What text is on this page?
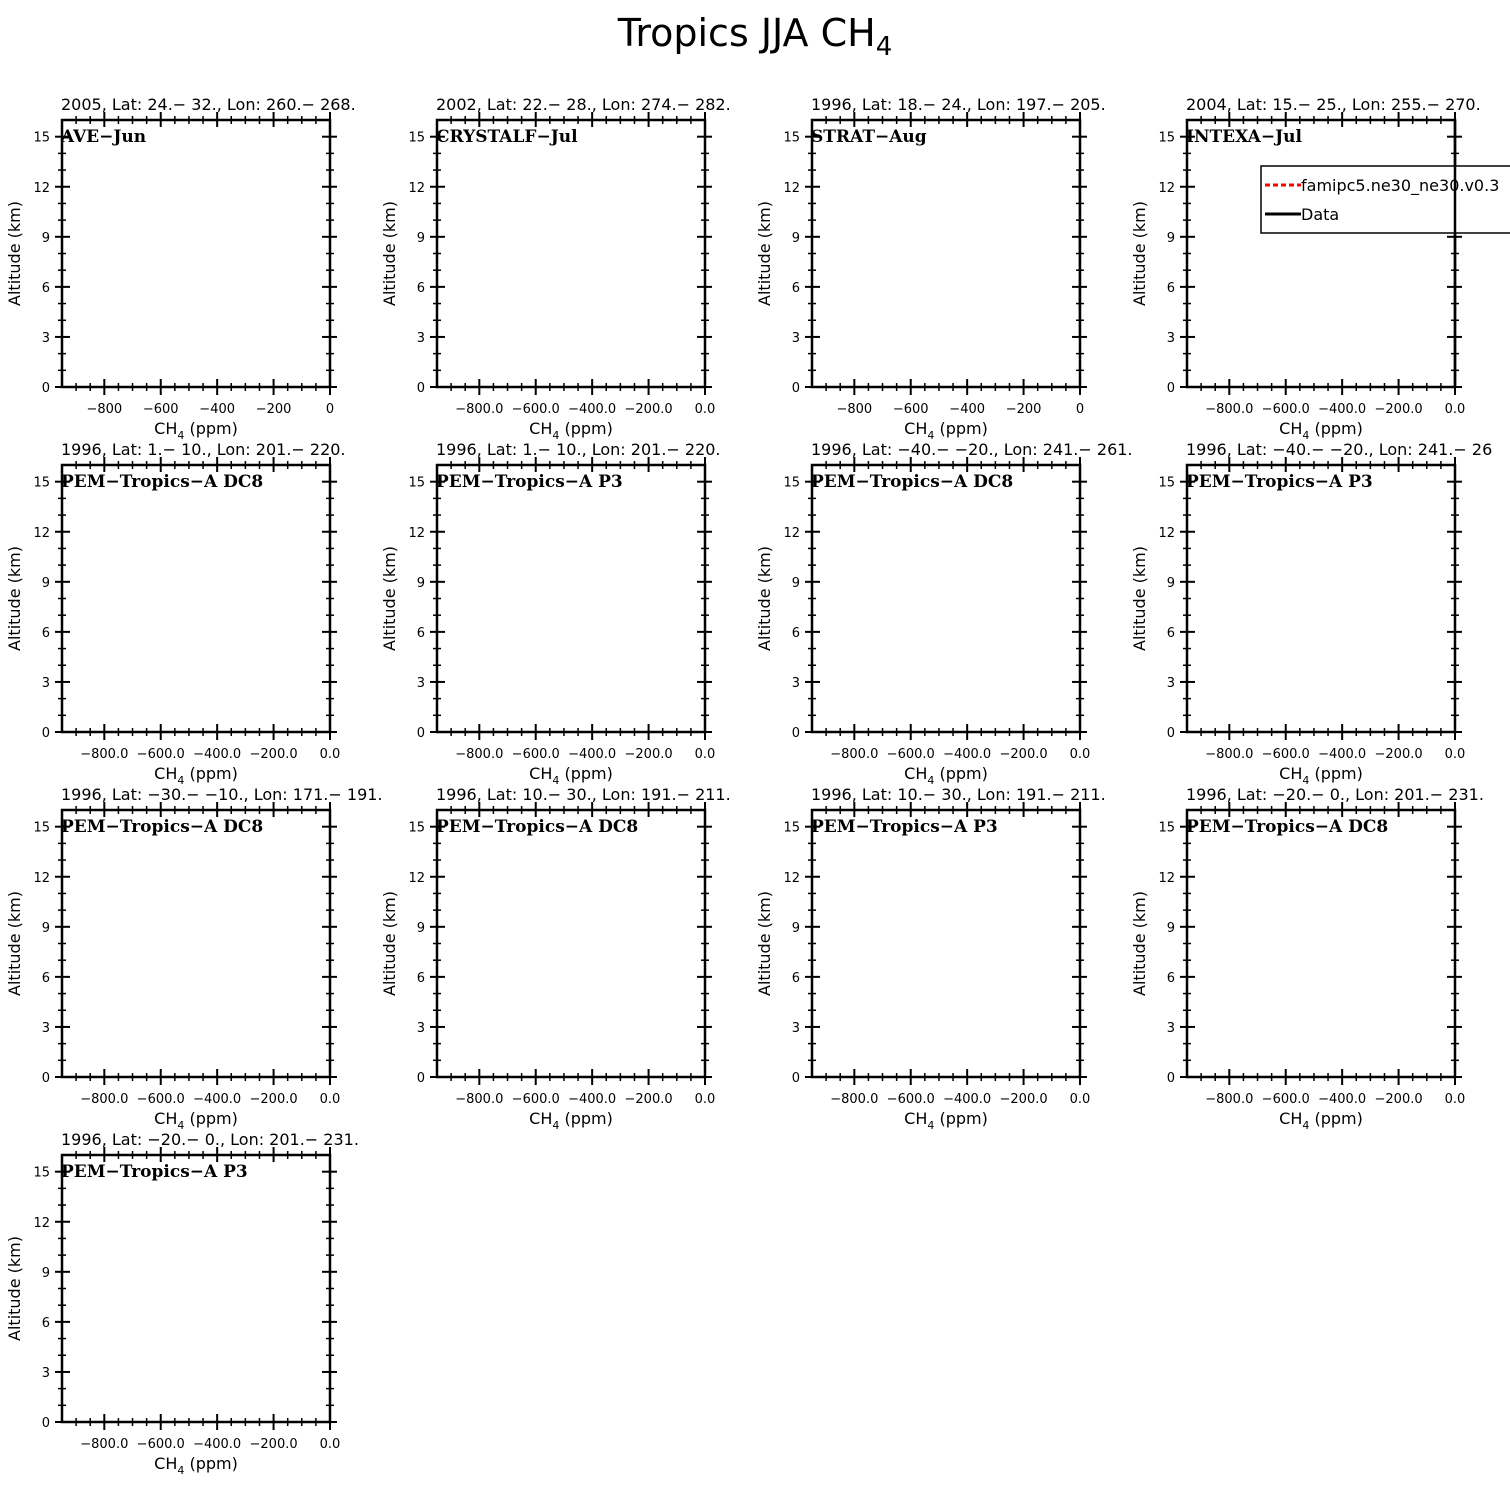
Tropics JJA $CH_4$
2005, Lat: 24.− 32., Lon: 260.− 268.
AVE−Jun
Altitude (km)
0
3
6
9
12
15
−800 −600 −400 −200	0
$CH_4$ (ppm)
2002, Lat: 22.− 28., Lon: 274.− 282.
CRYSTALF−Jul
Altitude (km)
0
3
6
9
12
15
−800.0 −600.0 −400.0 −200.0 0.0
$CH_4$ (ppm)
1996, Lat: 18.− 24., Lon: 197.− 205.
STRAT−Aug
Altitude (km)
0
3
6
9
12
15
−800 −600 −400 −200	0
$CH_4$ (ppm)
2004, Lat: 15.− 25., Lon: 255.− 270.
INTEXA−Jul
Altitude (km)
0
3
6
9
12
15
−800.0 −600.0 −400.0 −200.0 0.0
$CH_4$ (ppm)
1996, Lat: 1.− 10., Lon: 201.− 220.
PEM−Tropics−A DC8
Altitude (km)
0
3
6
9
12
15
−800.0 −600.0 −400.0 −200.0 0.0
$CH_4$ (ppm)
1996, Lat: 1.− 10., Lon: 201.− 220.
PEM−Tropics−A P3
Altitude (km)
0
3
6
9
12
15
−800.0 −600.0 −400.0 −200.0 0.0
$CH_4$ (ppm)
1996, Lat: −40.− −20., Lon: 241.− 261.
PEM−Tropics−A DC8
Altitude (km)
0
3
6
9
12
15
−800.0 −600.0 −400.0 −200.0 0.0
$CH_4$ (ppm)
1996, Lat: −40.− −20., Lon: 241.− 26
PEM−Tropics−A P3
Altitude (km)
0
3
6
9
12
15
−800.0 −600.0 −400.0 −200.0 0.0
$CH_4$ (ppm)
1996, Lat: −30.− −10., Lon: 171.− 191.
PEM−Tropics−A DC8
Altitude (km)
0
3
6
9
12
15
−800.0 −600.0 −400.0 −200.0 0.0
$CH_4$ (ppm)
1996, Lat: 10.− 30., Lon: 191.− 211.
PEM−Tropics−A DC8
Altitude (km)
0
3
6
9
12
15
−800.0 −600.0 −400.0 −200.0 0.0
$CH_4$ (ppm)
1996, Lat: 10.− 30., Lon: 191.− 211.
PEM−Tropics−A P3
Altitude (km)
0
3
6
9
12
15
−800.0 −600.0 −400.0 −200.0 0.0
$CH_4$ (ppm)
1996, Lat: −20.− 0., Lon: 201.− 231.
PEM−Tropics−A DC8
Altitude (km)
0
3
6
9
12
15
−800.0 −600.0 −400.0 −200.0 0.0
$CH_4$ (ppm)
1996, Lat: −20.− 0., Lon: 201.− 231.
PEM−Tropics−A P3
Altitude (km)
0
3
6
9
12
15
−800.0 −600.0 −400.0 −200.0 0.0
$CH_4$ (ppm)
famipc5.ne30_ne30.v0.3
Data
